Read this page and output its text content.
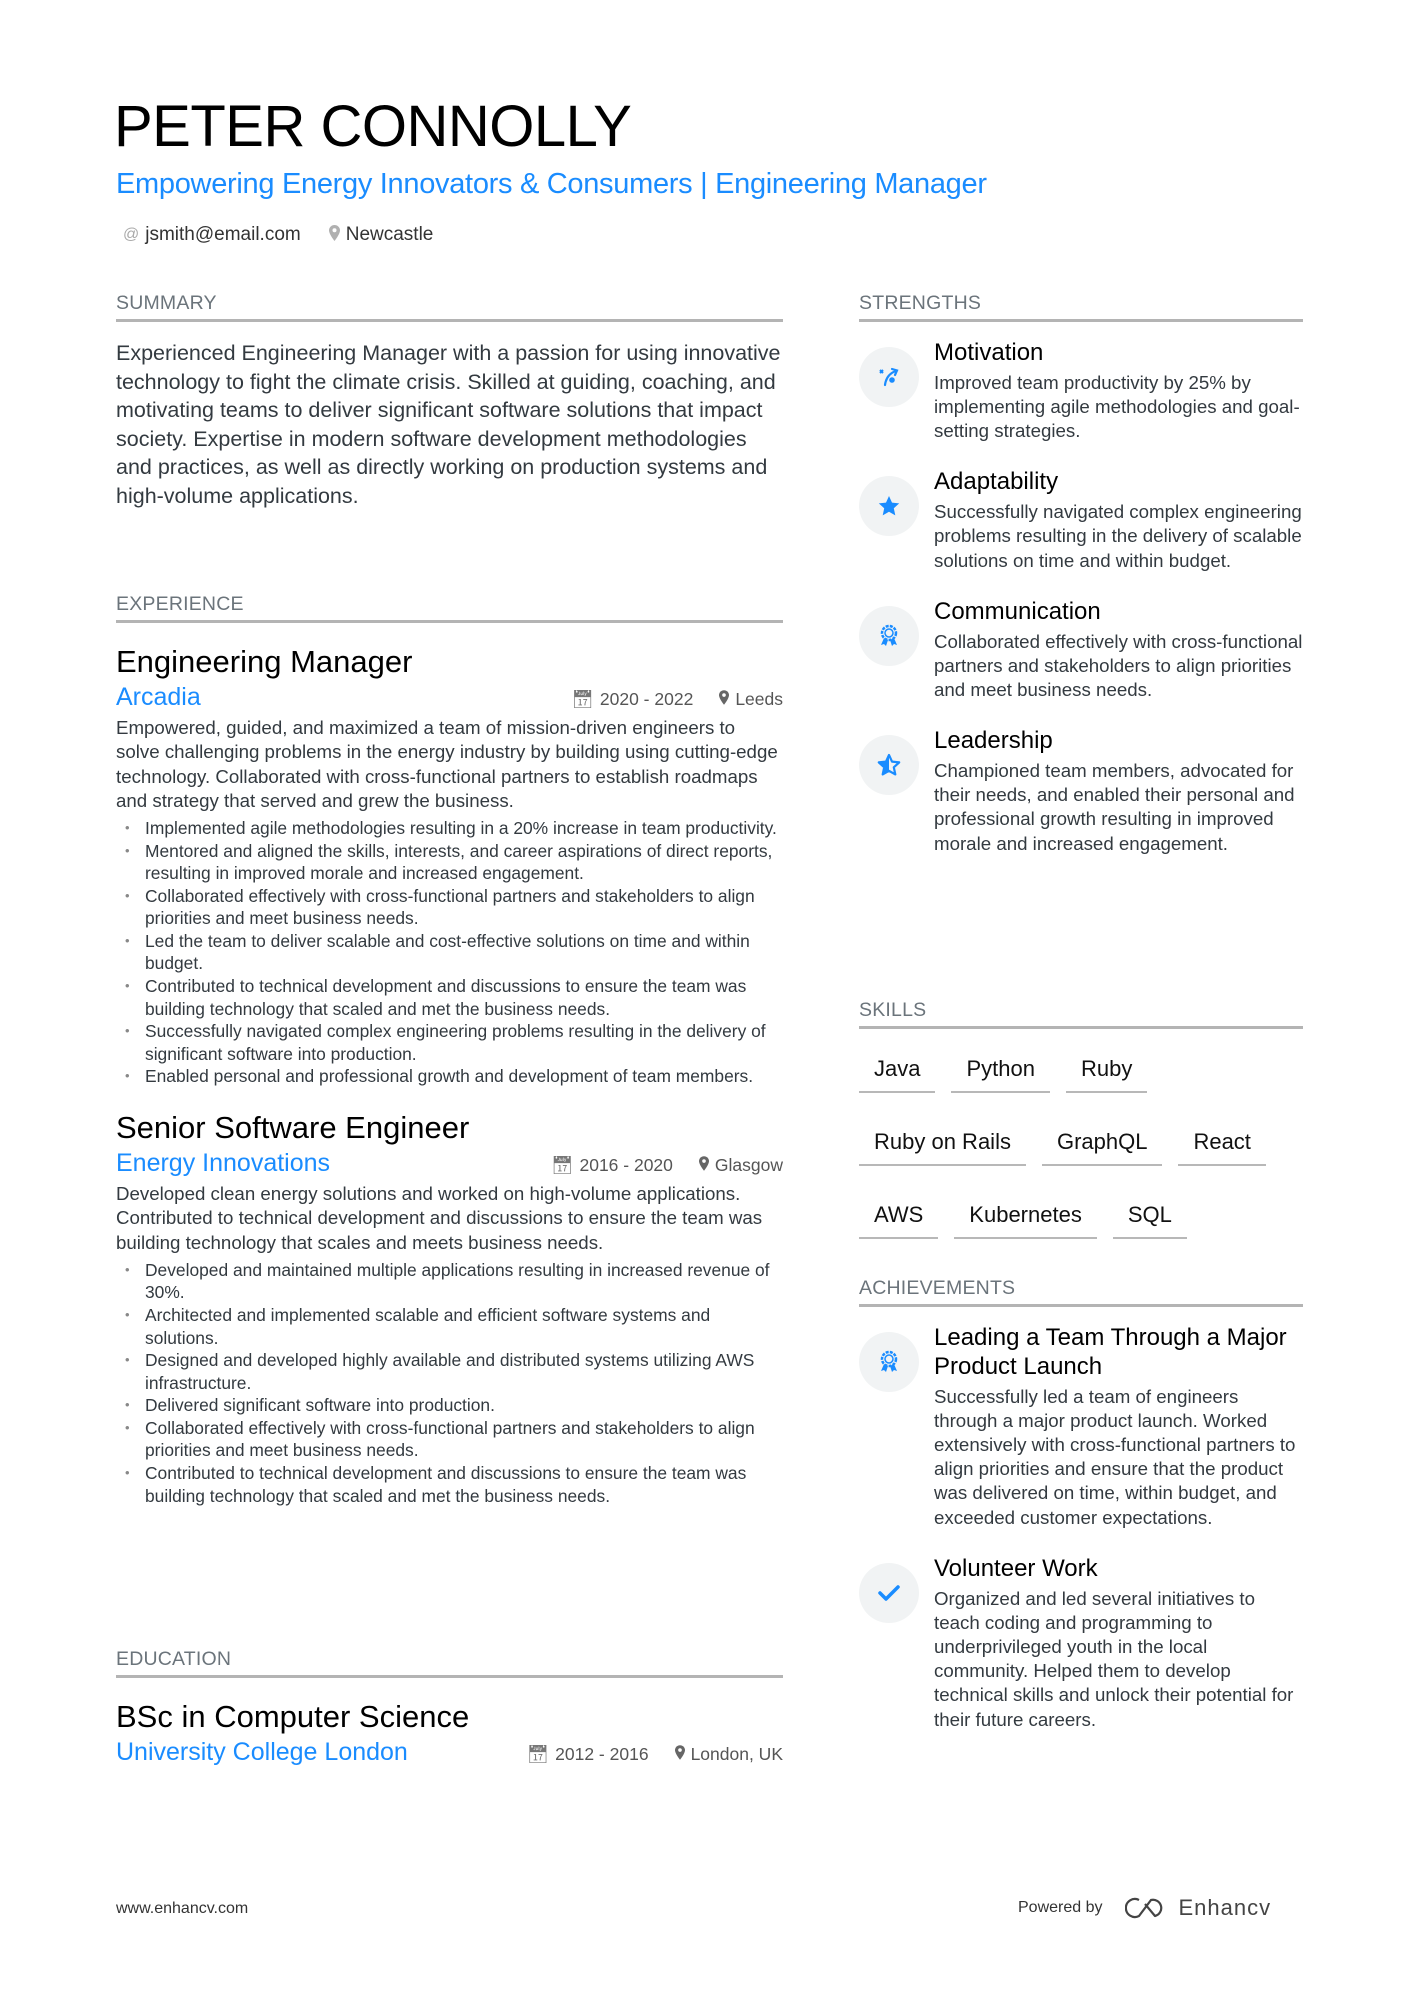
PETER CONNOLLY
Empowering Energy Innovators & Consumers | Engineering Manager
@ jsmith@email.com Newcastle
SUMMARY
Experienced Engineering Manager with a passion for using innovative technology to fight the climate crisis. Skilled at guiding, coaching, and motivating teams to deliver significant software solutions that impact society. Expertise in modern software development methodologies and practices, as well as directly working on production systems and high-volume applications.
EXPERIENCE
Engineering Manager
Arcadia	📅︎ 2020 - 2022	Leeds
Empowered, guided, and maximized a team of mission-driven engineers to solve challenging problems in the energy industry by building using cutting-edge technology. Collaborated with cross-functional partners to establish roadmaps and strategy that served and grew the business.
• Implemented agile methodologies resulting in a 20% increase in team productivity.
• Mentored and aligned the skills, interests, and career aspirations of direct reports, resulting in improved morale and increased engagement.
• Collaborated effectively with cross-functional partners and stakeholders to align priorities and meet business needs.
• Led the team to deliver scalable and cost-effective solutions on time and within budget.
• Contributed to technical development and discussions to ensure the team was building technology that scaled and met the business needs.
• Successfully navigated complex engineering problems resulting in the delivery of significant software into production.
• Enabled personal and professional growth and development of team members.
Senior Software Engineer
Energy Innovations	📅︎ 2016 - 2020	Glasgow
Developed clean energy solutions and worked on high-volume applications. Contributed to technical development and discussions to ensure the team was building technology that scales and meets business needs.
• Developed and maintained multiple applications resulting in increased revenue of 30%.
• Architected and implemented scalable and efficient software systems and solutions.
• Designed and developed highly available and distributed systems utilizing AWS infrastructure.
• Delivered significant software into production.
• Collaborated effectively with cross-functional partners and stakeholders to align priorities and meet business needs.
• Contributed to technical development and discussions to ensure the team was building technology that scaled and met the business needs.
EDUCATION
BSc in Computer Science
University College London	📅︎ 2012 - 2016	London, UK
STRENGTHS
Motivation
Improved team productivity by 25% by implementing agile methodologies and goal-setting strategies.
Adaptability
Successfully navigated complex engineering problems resulting in the delivery of scalable solutions on time and within budget.
Communication
Collaborated effectively with cross-functional partners and stakeholders to align priorities and meet business needs.
Leadership
Championed team members, advocated for their needs, and enabled their personal and professional growth resulting in improved morale and increased engagement.
SKILLS
Java	Python	Ruby
Ruby on Rails	GraphQL	React
AWS	Kubernetes	SQL
ACHIEVEMENTS
Leading a Team Through a Major Product Launch
Successfully led a team of engineers through a major product launch. Worked extensively with cross-functional partners to align priorities and ensure that the product was delivered on time, within budget, and exceeded customer expectations.
Volunteer Work
Organized and led several initiatives to teach coding and programming to underprivileged youth in the local community. Helped them to develop technical skills and unlock their potential for their future careers.
www.enhancv.com	Powered by	Enhancv
